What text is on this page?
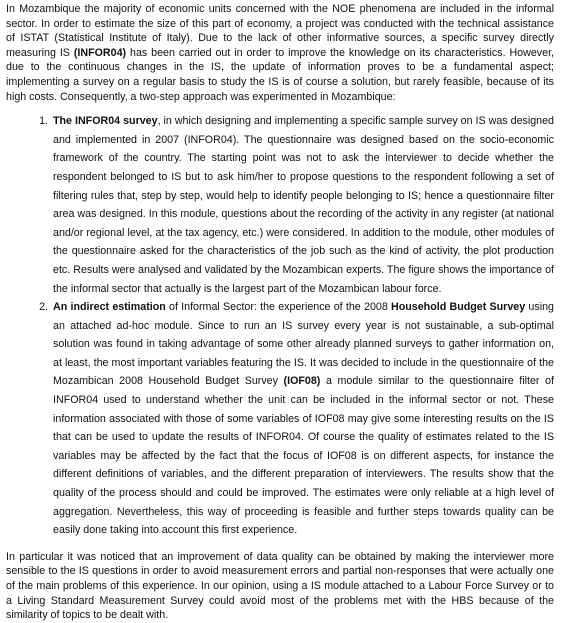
In Mozambique the majority of economic units concerned with the NOE phenomena are included in the informal sector. In order to estimate the size of this part of economy, a project was conducted with the technical assistance of ISTAT (Statistical Institute of Italy). Due to the lack of other informative sources, a specific survey directly measuring IS (INFOR04) has been carried out in order to improve the knowledge on its characteristics. However, due to the continuous changes in the IS, the update of information proves to be a fundamental aspect; implementing a survey on a regular basis to study the IS is of course a solution, but rarely feasible, because of its high costs. Consequently, a two-step approach was experimented in Mozambique:

1. The INFOR04 survey, in which designing and implementing a specific sample survey on IS was designed and implemented in 2007 (INFOR04). The questionnaire was designed based on the socio-economic framework of the country. The starting point was not to ask the interviewer to decide whether the respondent belonged to IS but to ask him/her to propose questions to the respondent following a set of filtering rules that, step by step, would help to identify people belonging to IS; hence a questionnaire filter area was designed. In this module, questions about the recording of the activity in any register (at national and/or regional level, at the tax agency, etc.) were considered. In addition to the module, other modules of the questionnaire asked for the characteristics of the job such as the kind of activity, the plot production etc. Results were analysed and validated by the Mozambican experts. The figure shows the importance of the informal sector that actually is the largest part of the Mozambican labour force.
2. An indirect estimation of Informal Sector: the experience of the 2008 Household Budget Survey using an attached ad-hoc module. Since to run an IS survey every year is not sustainable, a sub-optimal solution was found in taking advantage of some other already planned surveys to gather information on, at least, the most important variables featuring the IS. It was decided to include in the questionnaire of the Mozambican 2008 Household Budget Survey (IOF08) a module similar to the questionnaire filter of INFOR04 used to understand whether the unit can be included in the informal sector or not. These information associated with those of some variables of IOF08 may give some interesting results on the IS that can be used to update the results of INFOR04. Of course the quality of estimates related to the IS variables may be affected by the fact that the focus of IOF08 is on different aspects, for instance the different definitions of variables, and the different preparation of interviewers. The results show that the quality of the process should and could be improved. The estimates were only reliable at a high level of aggregation. Nevertheless, this way of proceeding is feasible and further steps towards quality can be easily done taking into account this first experience.

In particular it was noticed that an improvement of data quality can be obtained by making the interviewer more sensible to the IS questions in order to avoid measurement errors and partial non-responses that were actually one of the main problems of this experience. In our opinion, using a IS module attached to a Labour Force Survey or to a Living Standard Measurement Survey could avoid most of the problems met with the HBS because of the similarity of topics to be dealt with.
